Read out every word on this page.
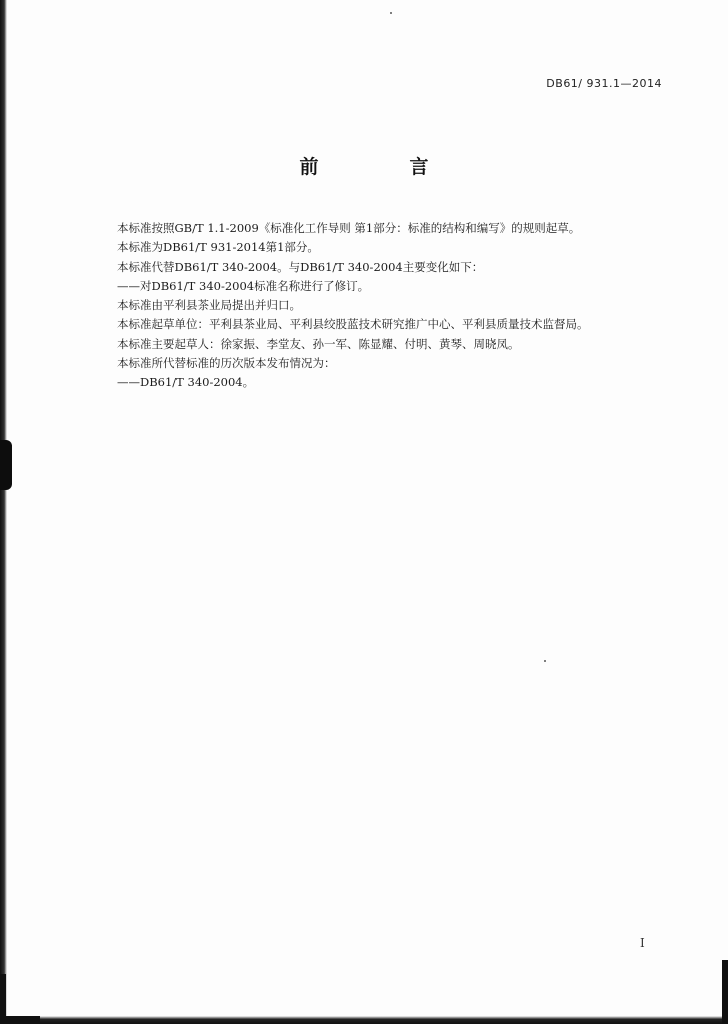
DB61/ 931.1—2014
前　言

本标准按照GB/T 1.1-2009《标准化工作导则 第1部分：标准的结构和编写》的规则起草。

本标准为DB61/T 931-2014第1部分。

本标准代替DB61/T 340-2004。与DB61/T 340-2004主要变化如下：

——对DB61/T 340-2004标准名称进行了修订。

本标准由平利县茶业局提出并归口。

本标准起草单位：平利县茶业局、平利县绞股蓝技术研究推广中心、平利县质量技术监督局。

本标准主要起草人：徐家振、李堂友、孙一军、陈显耀、付明、黄琴、周晓凤。

本标准所代替标准的历次版本发布情况为：

——DB61/T 340-2004。

I
